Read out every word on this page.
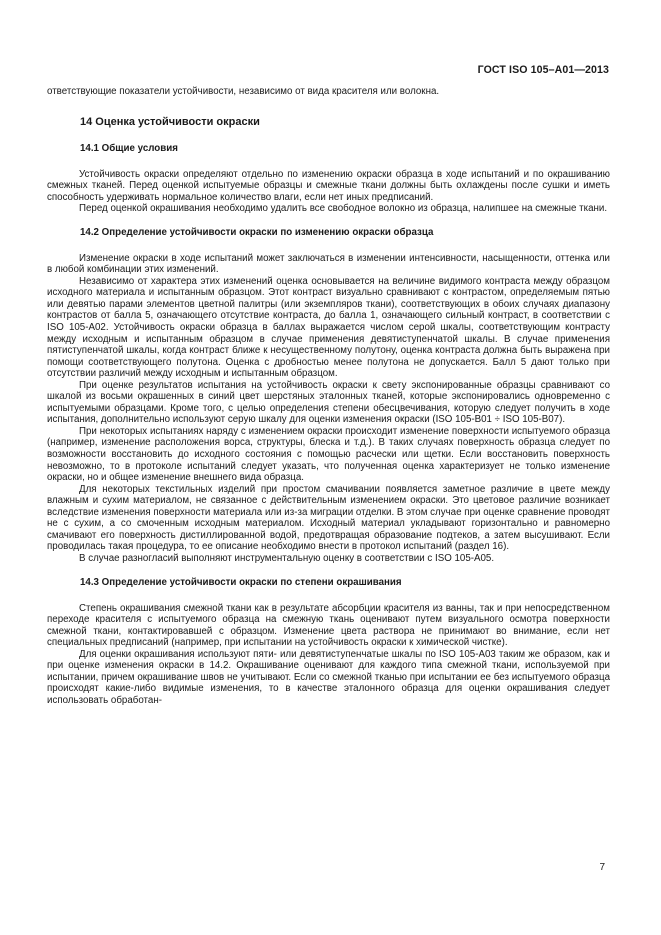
ГОСТ ISO 105–А01—2013

ответствующие показатели устойчивости, независимо от вида красителя или волокна.

14 Оценка устойчивости окраски
14.1 Общие условия

Устойчивость окраски определяют отдельно по изменению окраски образца в ходе испытаний и по окрашиванию смежных тканей. Перед оценкой испытуемые образцы и смежные ткани должны быть охлаждены после сушки и иметь способность удерживать нормальное количество влаги, если нет иных предписаний.

Перед оценкой окрашивания необходимо удалить все свободное волокно из образца, налипшее на смежные ткани.

14.2 Определение устойчивости окраски по изменению окраски образца

Изменение окраски в ходе испытаний может заключаться в изменении интенсивности, насыщенности, оттенка или в любой комбинации этих изменений.

Независимо от характера этих изменений оценка основывается на величине видимого контраста между образцом исходного материала и испытанным образцом. Этот контраст визуально сравнивают с контрастом, определяемым пятью или девятью парами элементов цветной палитры (или экземпляров ткани), соответствующих в обоих случаях диапазону контрастов от балла 5, означающего отсутствие контраста, до балла 1, означающего сильный контраст, в соответствии с ISO 105-A02. Устойчивость окраски образца в баллах выражается числом серой шкалы, соответствующим контрасту между исходным и испытанным образцом в случае применения девятиступенчатой шкалы. В случае применения пятиступенчатой шкалы, когда контраст ближе к несущественному полутону, оценка контраста должна быть выражена при помощи соответствующего полутона. Оценка с дробностью менее полутона не допускается. Балл 5 дают только при отсутствии различий между исходным и испытанным образцом.

При оценке результатов испытания на устойчивость окраски к свету экспонированные образцы сравнивают со шкалой из восьми окрашенных в синий цвет шерстяных эталонных тканей, которые экспонировались одновременно с испытуемыми образцами. Кроме того, с целью определения степени обесцвечивания, которую следует получить в ходе испытания, дополнительно используют серую шкалу для оценки изменения окраски (ISO 105-B01 ÷ ISO 105-B07).

При некоторых испытаниях наряду с изменением окраски происходит изменение поверхности испытуемого образца (например, изменение расположения ворса, структуры, блеска и т.д.). В таких случаях поверхность образца следует по возможности восстановить до исходного состояния с помощью расчески или щетки. Если восстановить поверхность невозможно, то в протоколе испытаний следует указать, что полученная оценка характеризует не только изменение окраски, но и общее изменение внешнего вида образца.

Для некоторых текстильных изделий при простом смачивании появляется заметное различие в цвете между влажным и сухим материалом, не связанное с действительным изменением окраски. Это цветовое различие возникает вследствие изменения поверхности материала или из-за миграции отделки. В этом случае при оценке сравнение проводят не с сухим, а со смоченным исходным материалом. Исходный материал укладывают горизонтально и равномерно смачивают его поверхность дистиллированной водой, предотвращая образование подтеков, а затем высушивают. Если проводилась такая процедура, то ее описание необходимо внести в протокол испытаний (раздел 16).

В случае разногласий выполняют инструментальную оценку в соответствии с ISO 105-A05.

14.3 Определение устойчивости окраски по степени окрашивания

Степень окрашивания смежной ткани как в результате абсорбции красителя из ванны, так и при непосредственном переходе красителя с испытуемого образца на смежную ткань оценивают путем визуального осмотра поверхности смежной ткани, контактировавшей с образцом. Изменение цвета раствора не принимают во внимание, если нет специальных предписаний (например, при испытании на устойчивость окраски к химической чистке).

Для оценки окрашивания используют пяти- или девятиступенчатые шкалы по ISO 105-A03 таким же образом, как и при оценке изменения окраски в 14.2. Окрашивание оценивают для каждого типа смежной ткани, используемой при испытании, причем окрашивание швов не учитывают. Если со смежной тканью при испытании ее без испытуемого образца происходят какие-либо видимые изменения, то в качестве эталонного образца для оценки окрашивания следует использовать обработан-

7
